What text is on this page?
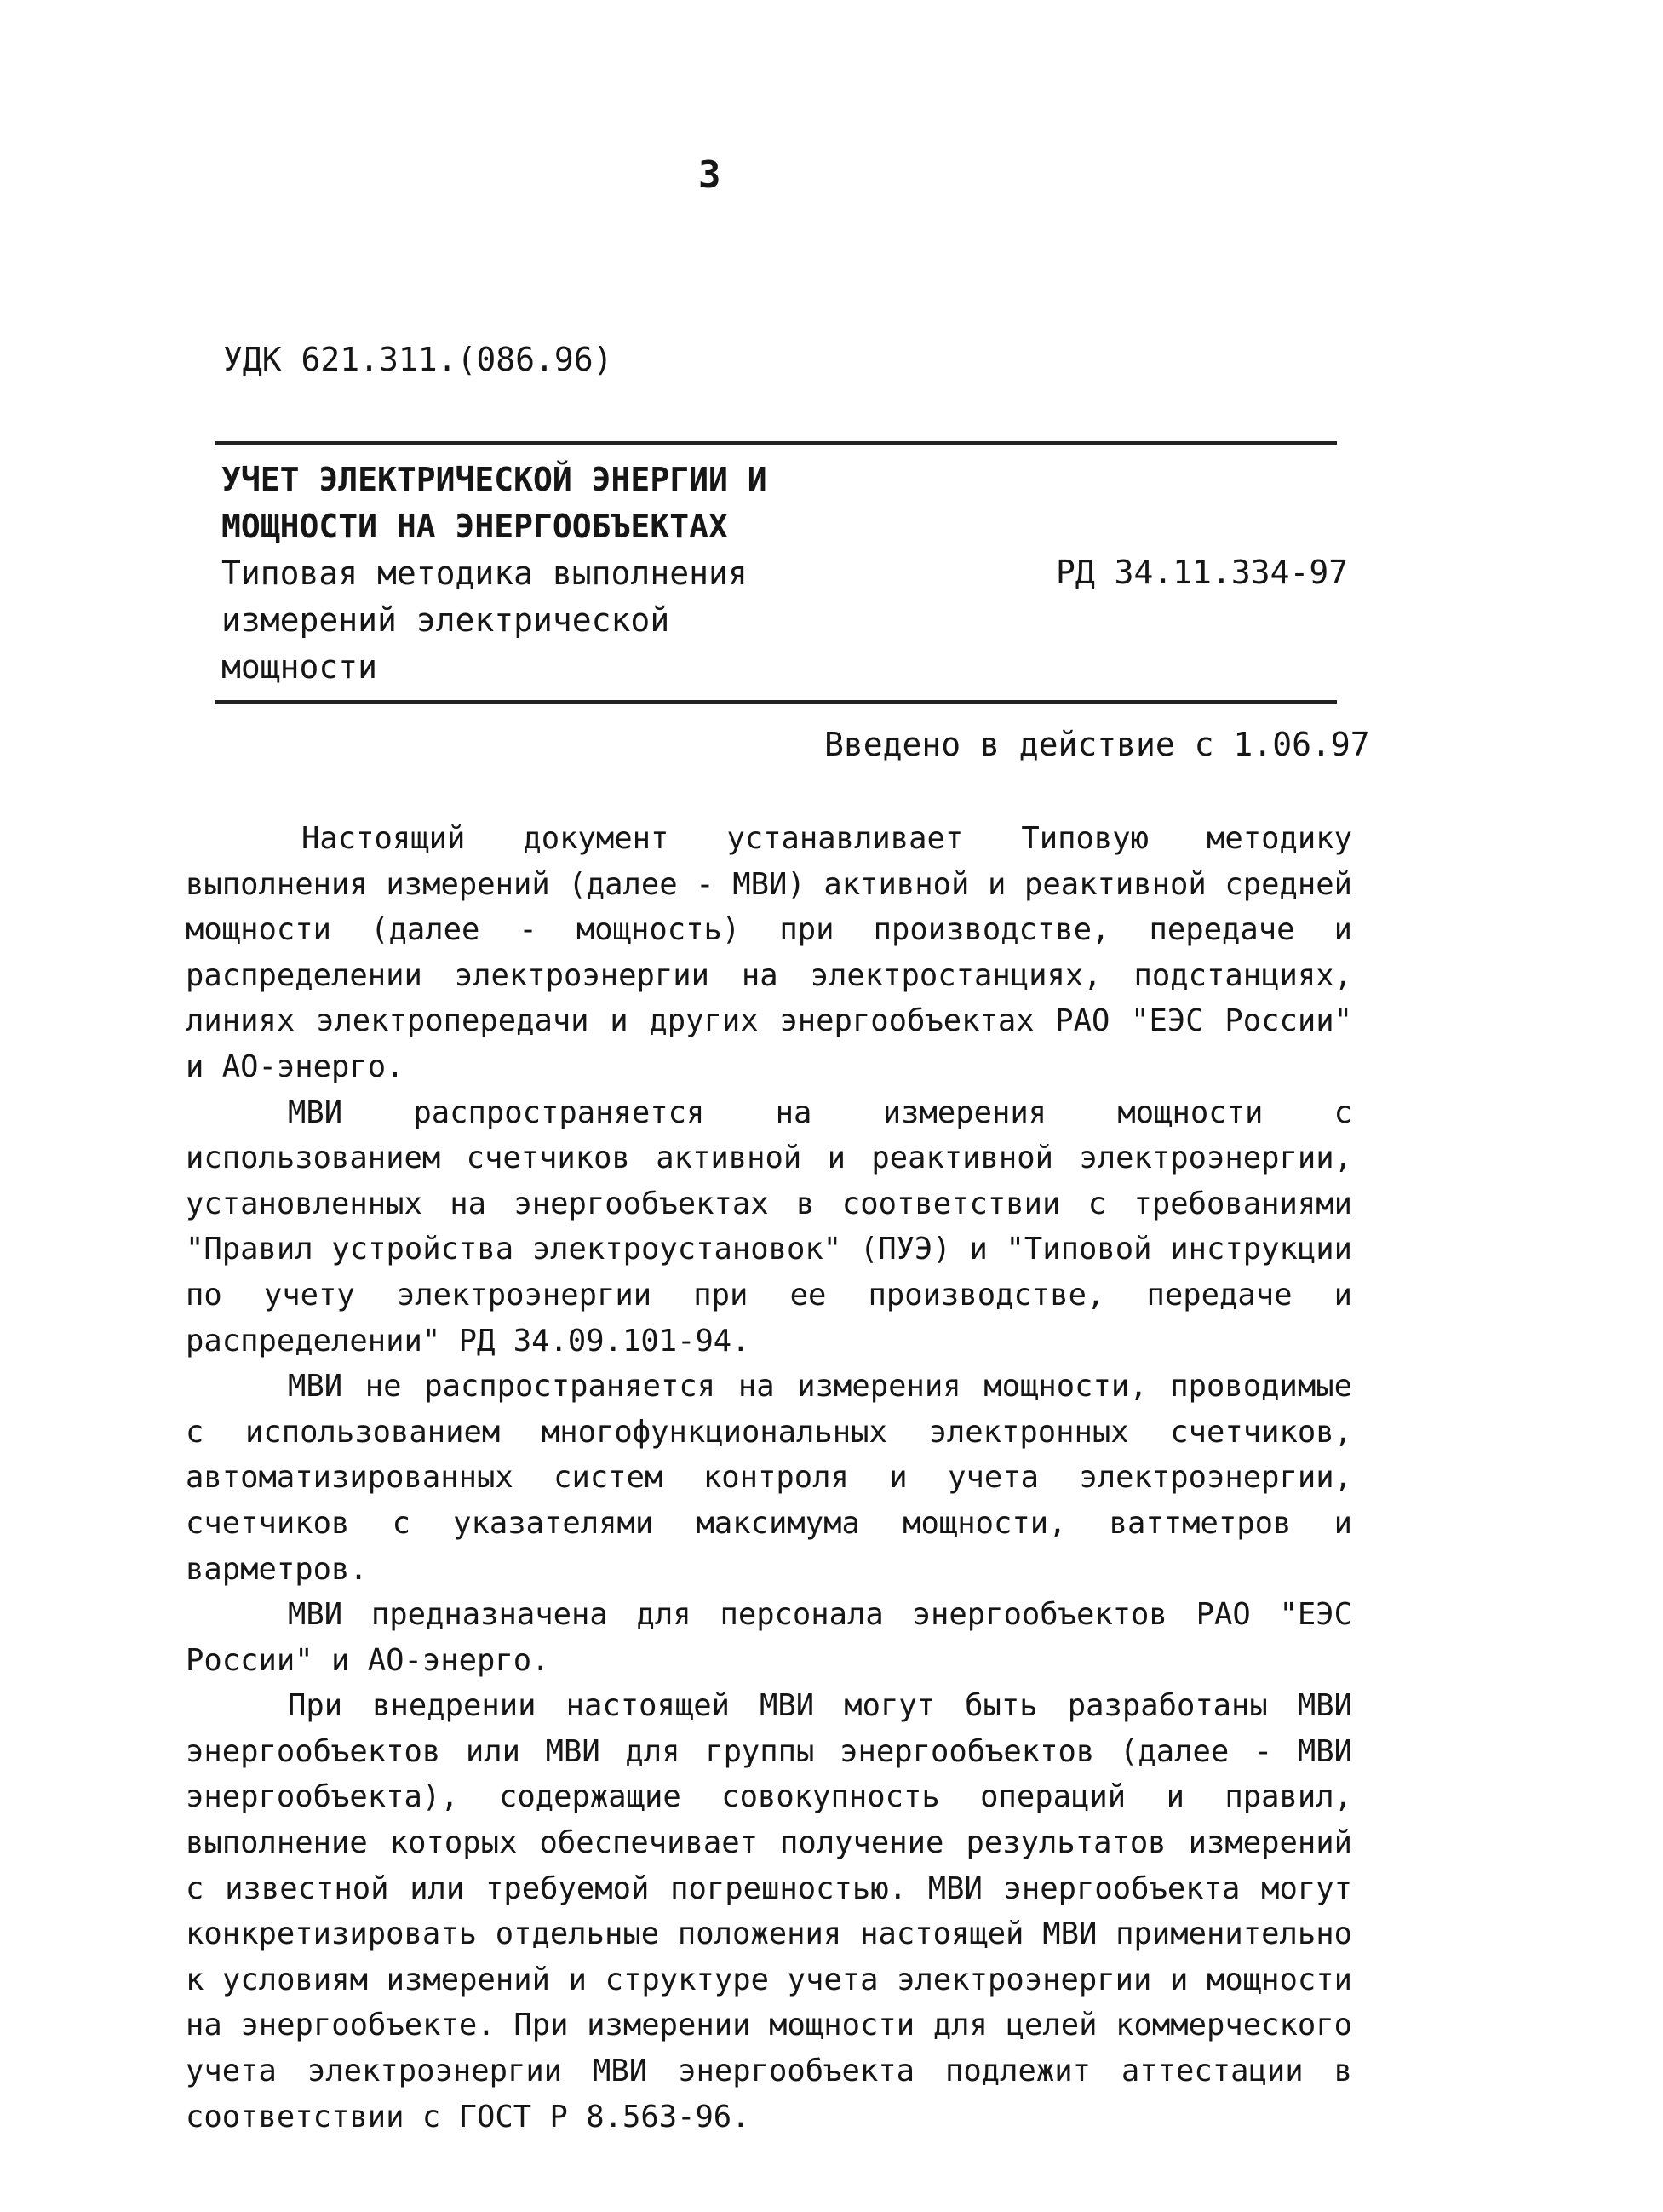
3
УДК 621.311.(086.96)
УЧЕТ ЭЛЕКТРИЧЕСКОЙ ЭНЕРГИИ И
МОЩНОСТИ НА ЭНЕРГООБЪЕКТАХ
Типовая методика выполнения
измерений электрической
мощности
РД 34.11.334-97
Введено в действие с 1.06.97

Настоящий документ устанавливает Типовую методику выполнения измерений (далее - МВИ) активной и реактивной средней мощности (далее - мощность) при производстве, передаче и распределении электроэнергии на электростанциях, подстанциях, линиях электропередачи и других энергообъектах РАО "ЕЭС России" и АО-энерго.

МВИ распространяется на измерения мощности с использованием счетчиков активной и реактивной электроэнергии, установленных на энергообъектах в соответствии с требованиями "Правил устройства электроустановок" (ПУЭ) и "Типовой инструкции по учету электроэнергии при ее производстве, передаче и распределении" РД 34.09.101-94.

МВИ не распространяется на измерения мощности, проводимые с использованием многофункциональных электронных счетчиков, автоматизированных систем контроля и учета электроэнергии, счетчиков с указателями максимума мощности, ваттметров и варметров.

МВИ предназначена для персонала энергообъектов РАО "ЕЭС России" и АО-энерго.

При внедрении настоящей МВИ могут быть разработаны МВИ энергообъектов или МВИ для группы энергообъектов (далее - МВИ энергообъекта), содержащие совокупность операций и правил, выполнение которых обеспечивает получение результатов измерений с известной или требуемой погрешностью. МВИ энергообъекта могут конкретизировать отдельные положения настоящей МВИ применительно к условиям измерений и структуре учета электроэнергии и мощности на энергообъекте. При измерении мощности для целей коммерческого учета электроэнергии МВИ энергообъекта подлежит аттестации в соответствии с ГОСТ Р 8.563-96.
